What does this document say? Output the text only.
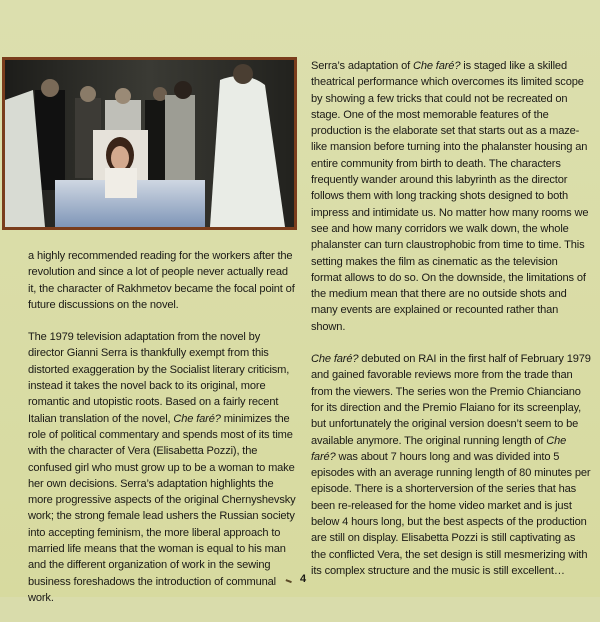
a highly recommended reading for the workers after the revolution and since a lot of people never actually read it, the character of Rakhmetov became the focal point of future discussions on the novel.

The 1979 television adaptation from the novel by director Gianni Serra is thankfully exempt from this distorted exaggeration by the Socialist literary criticism, instead it takes the novel back to its original, more romantic and utopistic roots. Based on a fairly recent Italian translation of the novel, Che faré? minimizes the role of political commentary and spends most of its time with the character of Vera (Elisabetta Pozzi), the confused girl who must grow up to be a woman to make her own decisions. Serra’s adaptation highlights the more progressive aspects of the original Chernyshevsky work; the strong female lead ushers the Russian society into accepting feminism, the more liberal approach to married life means that the woman is equal to his man and the different organization of work in the sewing business foreshadows the introduction of communal work.

Serra’s adaptation of Che faré? is staged like a skilled theatrical performance which overcomes its limited scope by showing a few tricks that could not be recreated on stage. One of the most memorable features of the production is the elaborate set that starts out as a maze-like mansion before turning into the phalanster housing an entire community from birth to death. The characters frequently wander around this labyrinth as the director follows them with long tracking shots designed to both impress and intimidate us. No matter how many rooms we see and how many corridors we walk down, the whole phalanster can turn claustrophobic from time to time. This setting makes the film as cinematic as the television format allows to do so. On the downside, the limitations of the medium mean that there are no outside shots and many events are explained or recounted rather than shown.

Che faré? debuted on RAI in the first half of February 1979 and gained favorable reviews more from the trade than from the viewers. The series won the Premio Chianciano for its direction and the Premio Flaiano for its screenplay, but unfortunately the original version doesn’t seem to be available anymore. The original running length of Che faré? was about 7 hours long and was divided into 5 episodes with an average running length of 80 minutes per episode. There is a shorterversion of the series that has been re-released for the home video market and is just below 4 hours long, but the best aspects of the production are still on display. Elisabetta Pozzi is still captivating as the conflicted Vera, the set design is still mesmerizing with its complex structure and the music is still excellent…

4
